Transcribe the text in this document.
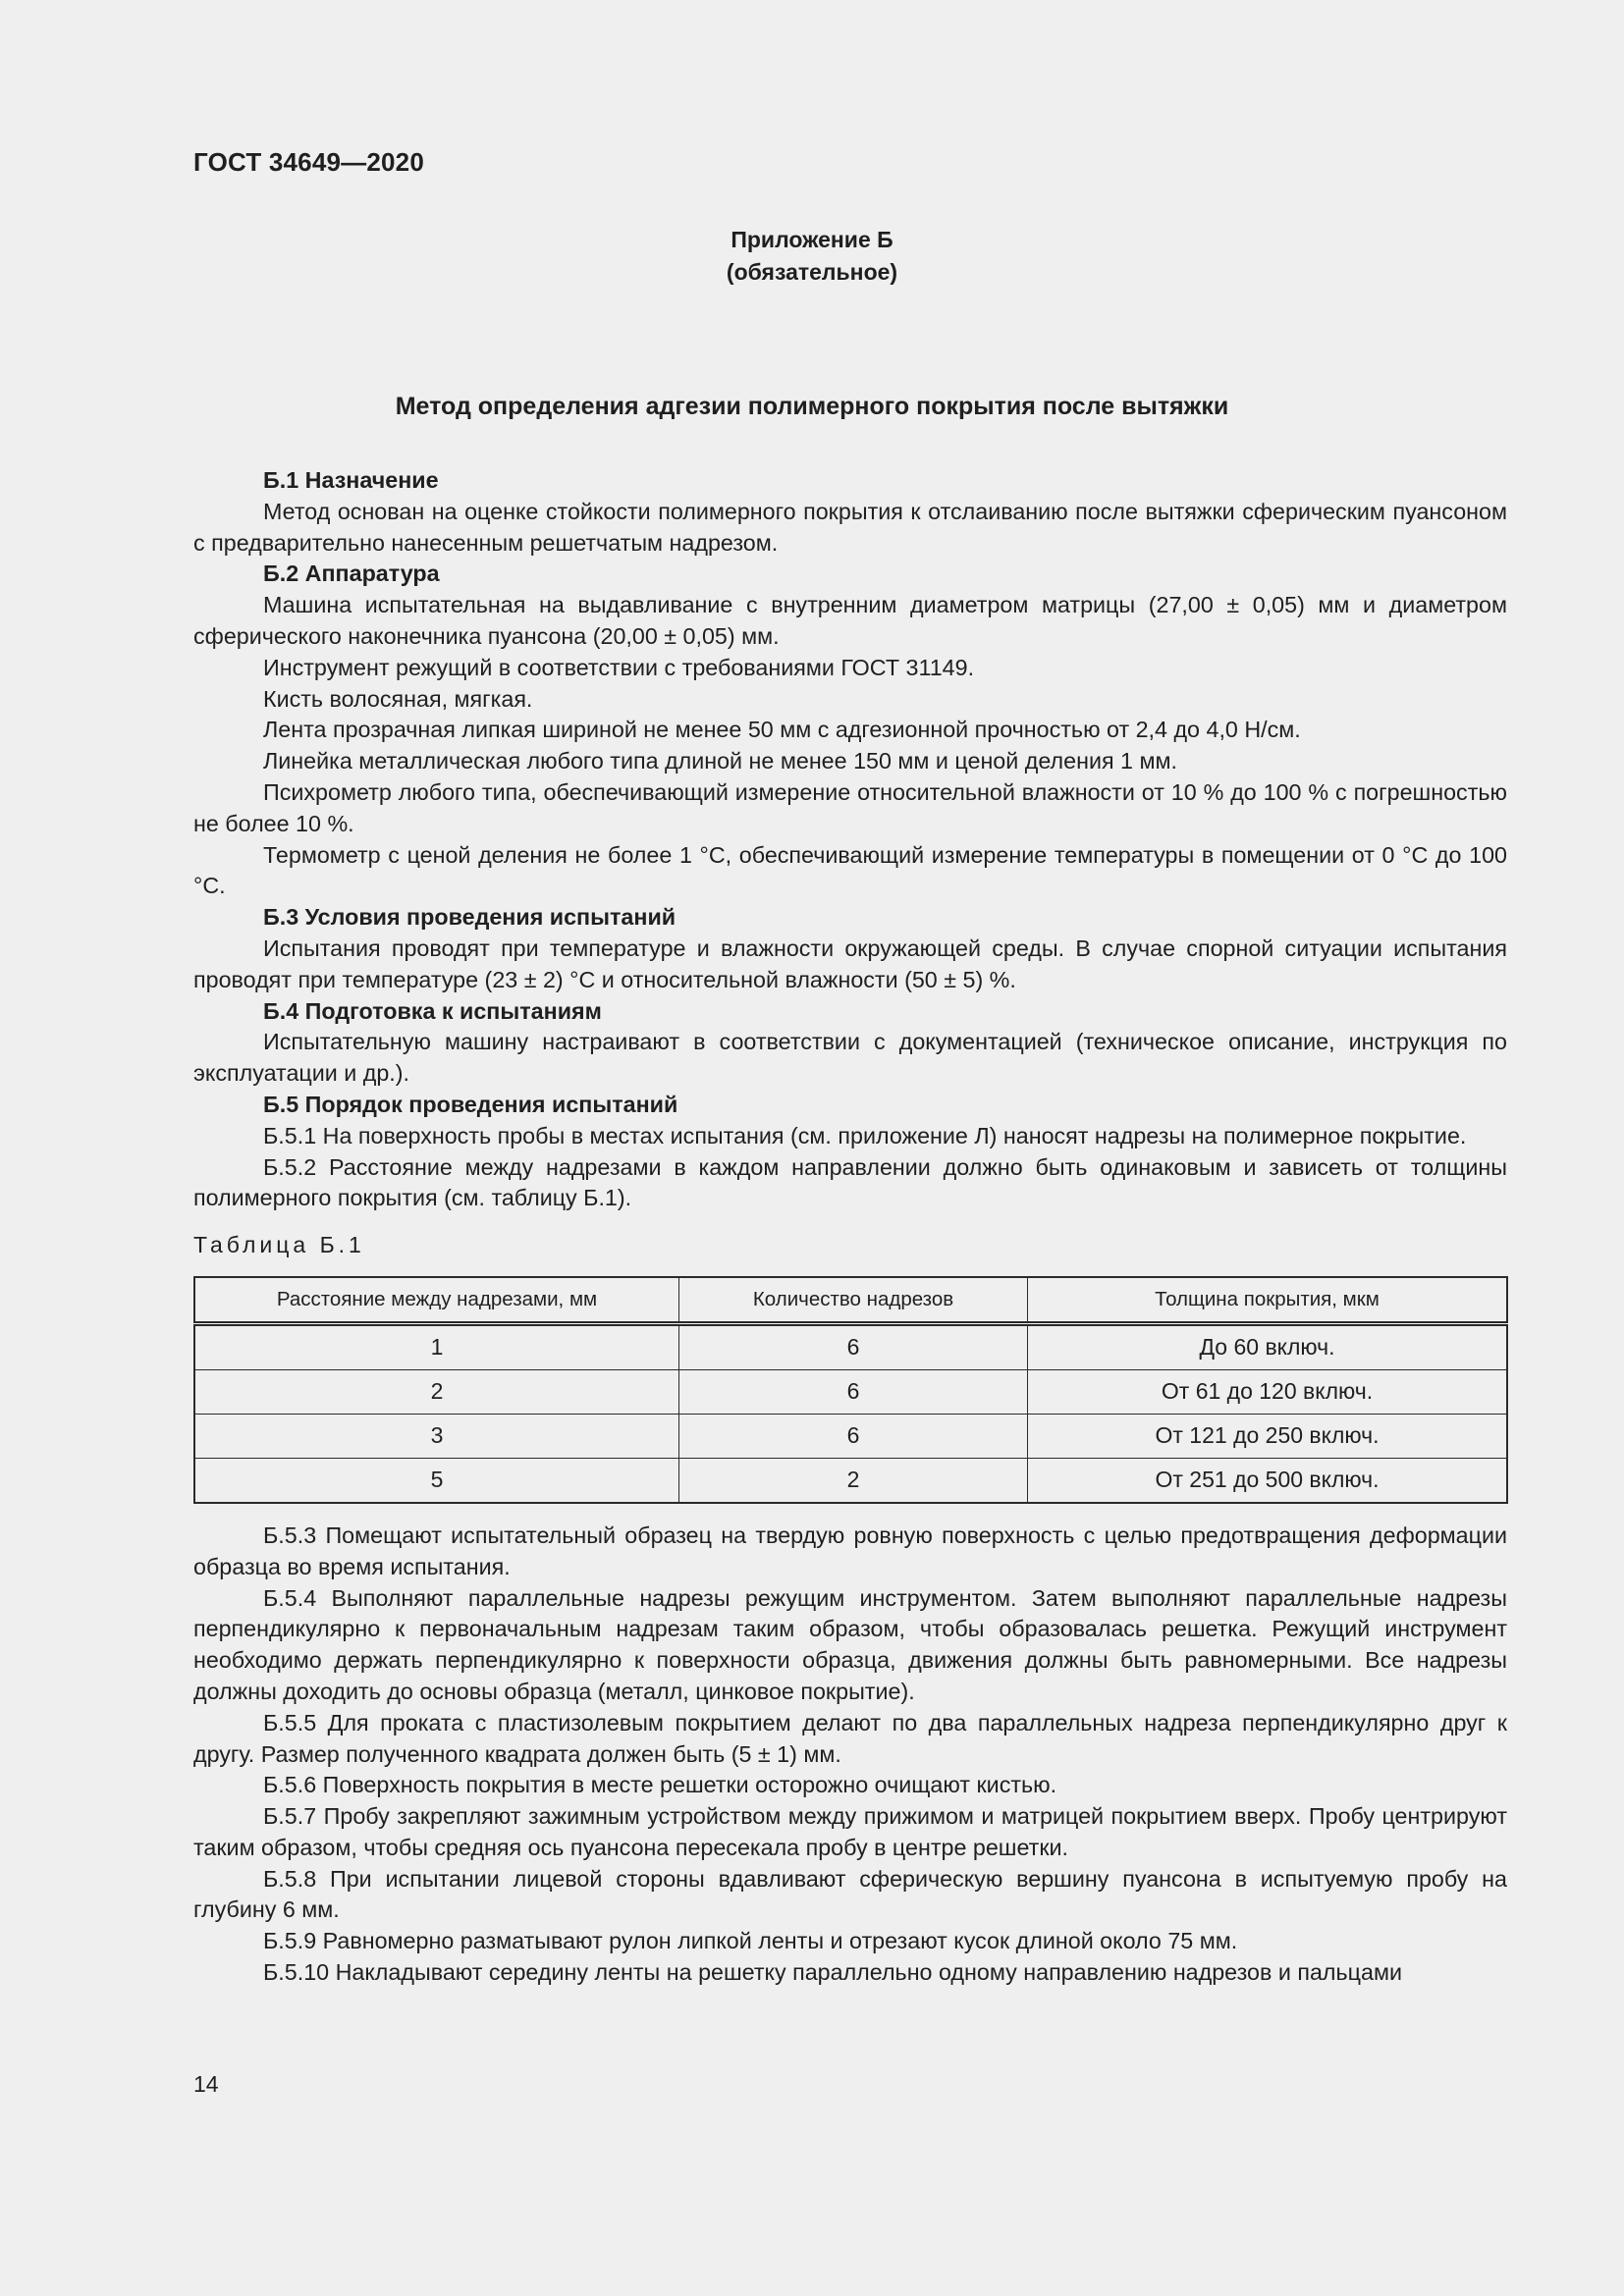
ГОСТ 34649—2020
Приложение Б
(обязательное)
Метод определения адгезии полимерного покрытия после вытяжки

Б.1 Назначение

Метод основан на оценке стойкости полимерного покрытия к отслаиванию после вытяжки сферическим пуансоном с предварительно нанесенным решетчатым надрезом.

Б.2 Аппаратура

Машина испытательная на выдавливание с внутренним диаметром матрицы (27,00 ± 0,05) мм и диаметром сферического наконечника пуансона (20,00 ± 0,05) мм.

Инструмент режущий в соответствии с требованиями ГОСТ 31149.

Кисть волосяная, мягкая.

Лента прозрачная липкая шириной не менее 50 мм с адгезионной прочностью от 2,4 до 4,0 Н/см.

Линейка металлическая любого типа длиной не менее 150 мм и ценой деления 1 мм.

Психрометр любого типа, обеспечивающий измерение относительной влажности от 10 % до 100 % с погрешностью не более 10 %.

Термометр с ценой деления не более 1 °С, обеспечивающий измерение температуры в помещении от 0 °С до 100 °С.

Б.3 Условия проведения испытаний

Испытания проводят при температуре и влажности окружающей среды. В случае спорной ситуации испытания проводят при температуре (23 ± 2) °С и относительной влажности (50 ± 5) %.

Б.4 Подготовка к испытаниям

Испытательную машину настраивают в соответствии с документацией (техническое описание, инструкция по эксплуатации и др.).

Б.5 Порядок проведения испытаний

Б.5.1 На поверхность пробы в местах испытания (см. приложение Л) наносят надрезы на полимерное покрытие.

Б.5.2 Расстояние между надрезами в каждом направлении должно быть одинаковым и зависеть от толщины полимерного покрытия (см. таблицу Б.1).

Таблица Б.1

Расстояние между надрезами, мм	Количество надрезов	Толщина покрытия, мкм
1	6	До 60 включ.
2	6	От 61 до 120 включ.
3	6	От 121 до 250 включ.
5	2	От 251 до 500 включ.

Б.5.3 Помещают испытательный образец на твердую ровную поверхность с целью предотвращения деформации образца во время испытания.

Б.5.4 Выполняют параллельные надрезы режущим инструментом. Затем выполняют параллельные надрезы перпендикулярно к первоначальным надрезам таким образом, чтобы образовалась решетка. Режущий инструмент необходимо держать перпендикулярно к поверхности образца, движения должны быть равномерными. Все надрезы должны доходить до основы образца (металл, цинковое покрытие).

Б.5.5 Для проката с пластизолевым покрытием делают по два параллельных надреза перпендикулярно друг к другу. Размер полученного квадрата должен быть (5 ± 1) мм.

Б.5.6 Поверхность покрытия в месте решетки осторожно очищают кистью.

Б.5.7 Пробу закрепляют зажимным устройством между прижимом и матрицей покрытием вверх. Пробу центрируют таким образом, чтобы средняя ось пуансона пересекала пробу в центре решетки.

Б.5.8 При испытании лицевой стороны вдавливают сферическую вершину пуансона в испытуемую пробу на глубину 6 мм.

Б.5.9 Равномерно разматывают рулон липкой ленты и отрезают кусок длиной около 75 мм.

Б.5.10 Накладывают середину ленты на решетку параллельно одному направлению надрезов и пальцами

14
